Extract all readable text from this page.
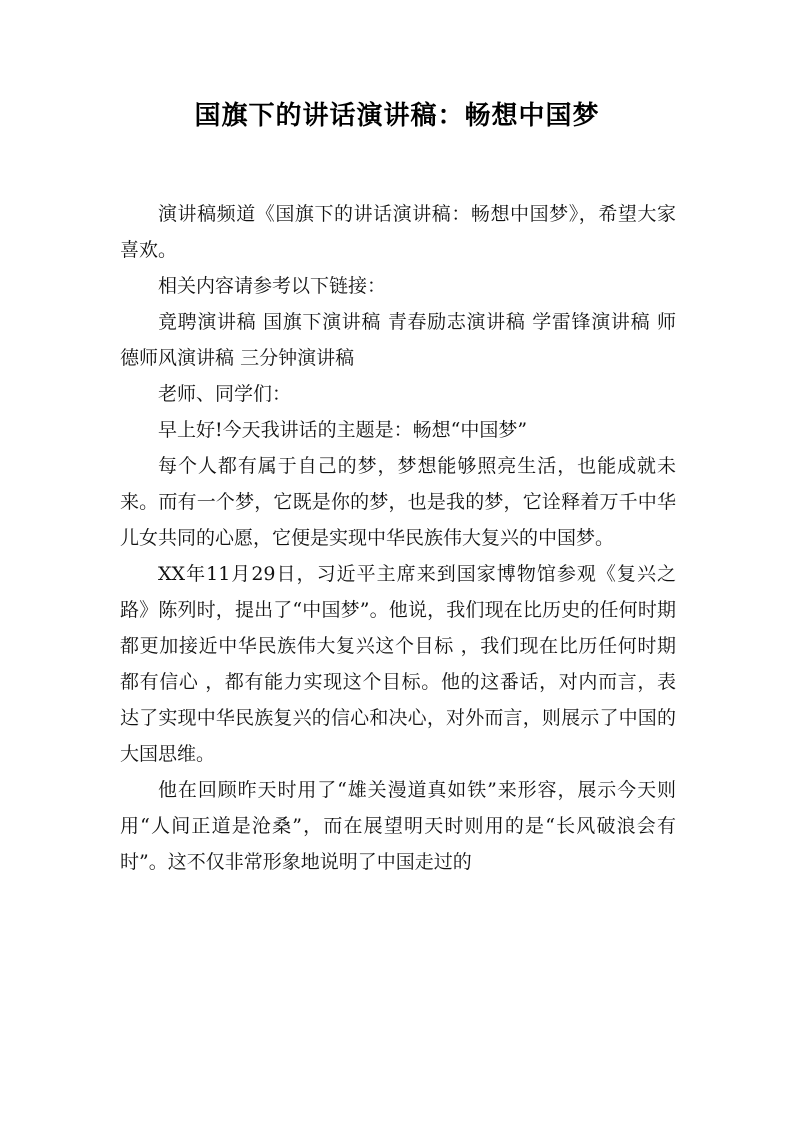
国旗下的讲话演讲稿：畅想中国梦

演讲稿频道《国旗下的讲话演讲稿：畅想中国梦》，希望大家喜欢。

相关内容请参考以下链接：

竟聘演讲稿 国旗下演讲稿 青春励志演讲稿 学雷锋演讲稿 师德师风演讲稿 三分钟演讲稿

老师、同学们：

早上好!今天我讲话的主题是：畅想“中国梦”

每个人都有属于自己的梦，梦想能够照亮生活，也能成就未来。而有一个梦，它既是你的梦，也是我的梦，它诠释着万千中华儿女共同的心愿，它便是实现中华民族伟大复兴的中国梦。

XX年11月29日，习近平主席来到国家博物馆参观《复兴之路》陈列时，提出了“中国梦”。他说，我们现在比历史的任何时期都更加接近中华民族伟大复兴这个目标 ，我们现在比历任何时期都有信心 ，都有能力实现这个目标。他的这番话，对内而言，表达了实现中华民族复兴的信心和决心，对外而言，则展示了中国的大国思维。

他在回顾昨天时用了“雄关漫道真如铁”来形容，展示今天则用“人间正道是沧桑”，而在展望明天时则用的是“长风破浪会有时”。这不仅非常形象地说明了中国走过的
